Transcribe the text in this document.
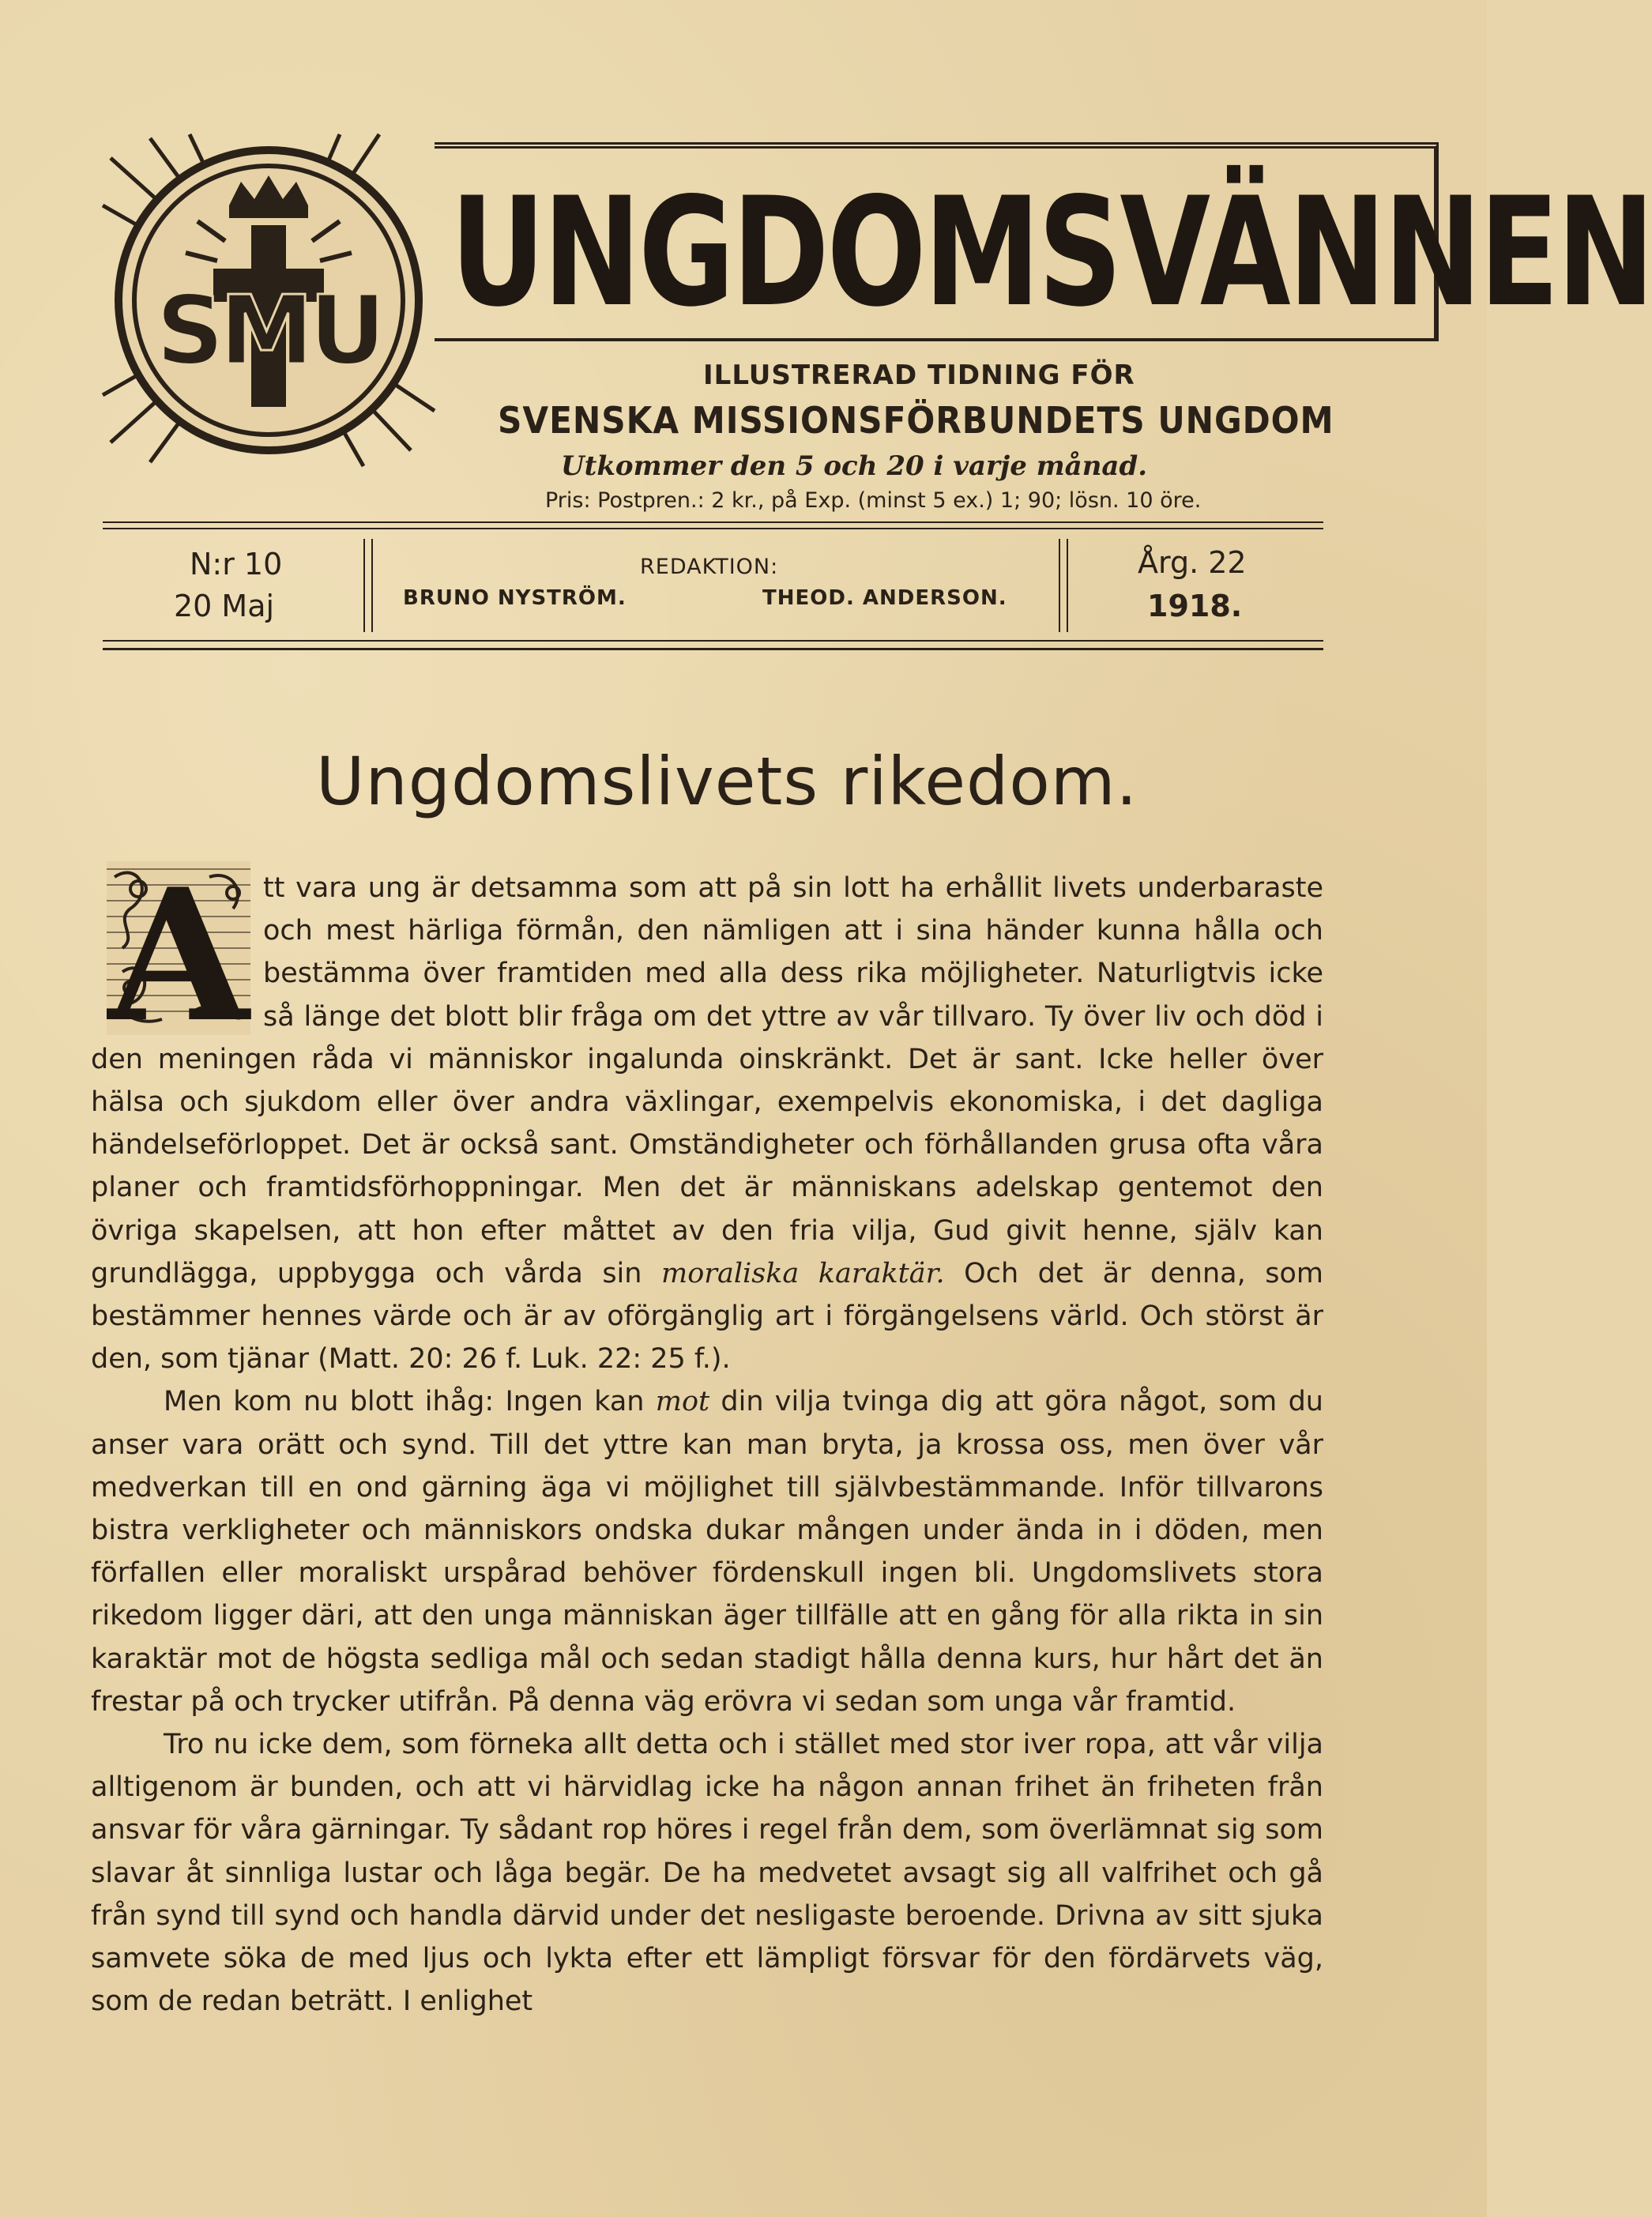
SMU UNGDOMSVÄNNEN
ILLUSTRERAD TIDNING FÖR
SVENSKA MISSIONSFÖRBUNDETS UNGDOM
Utkommer den 5 och 20 i varje månad.
Pris: Postpren.: 2 kr., på Exp. (minst 5 ex.) 1; 90; lösn. 10 öre.
N:r 10
20 Maj
REDAKTION:
BRUNO NYSTRÖM.	THEOD. ANDERSON.
Årg. 22
1918.
Ungdomslivets rikedom.
A tt vara ung är detsamma som att på sin lott ha erhållit livets underbaraste och mest härliga förmån, den nämligen att i sina händer kunna hålla och bestämma över framtiden med alla dess rika möjligheter. Naturligtvis icke så länge det blott blir fråga om det yttre av vår tillvaro. Ty över liv och död i den meningen råda vi människor ingalunda oinskränkt. Det är sant. Icke heller över hälsa och sjukdom eller över andra växlingar, exempelvis ekonomiska, i det dagliga händelseförloppet. Det är också sant. Omständigheter och förhållanden grusa ofta våra planer och framtidsförhoppningar. Men det är människans adelskap gentemot den övriga skapelsen, att hon efter måttet av den fria vilja, Gud givit henne, själv kan grundlägga, uppbygga och vårda sin moraliska karaktär. Och det är denna, som bestämmer hennes värde och är av oförgänglig art i förgängelsens värld. Och störst är den, som tjänar (Matt. 20: 26 f. Luk. 22: 25 f.).

Men kom nu blott ihåg: Ingen kan mot din vilja tvinga dig att göra något, som du anser vara orätt och synd. Till det yttre kan man bryta, ja krossa oss, men över vår medverkan till en ond gärning äga vi möjlighet till självbestämmande. Inför tillvarons bistra verkligheter och människors ondska dukar mången under ända in i döden, men förfallen eller moraliskt urspårad behöver fördenskull ingen bli. Ungdomslivets stora rikedom ligger däri, att den unga människan äger tillfälle att en gång för alla rikta in sin karaktär mot de högsta sedliga mål och sedan stadigt hålla denna kurs, hur hårt det än frestar på och trycker utifrån. På denna väg erövra vi sedan som unga vår framtid.

Tro nu icke dem, som förneka allt detta och i stället med stor iver ropa, att vår vilja alltigenom är bunden, och att vi härvidlag icke ha någon annan frihet än friheten från ansvar för våra gärningar. Ty sådant rop höres i regel från dem, som överlämnat sig som slavar åt sinnliga lustar och låga begär. De ha medvetet avsagt sig all valfrihet och gå från synd till synd och handla därvid under det nesligaste beroende. Drivna av sitt sjuka samvete söka de med ljus och lykta efter ett lämpligt försvar för den fördärvets väg, som de redan beträtt. I enlighet
